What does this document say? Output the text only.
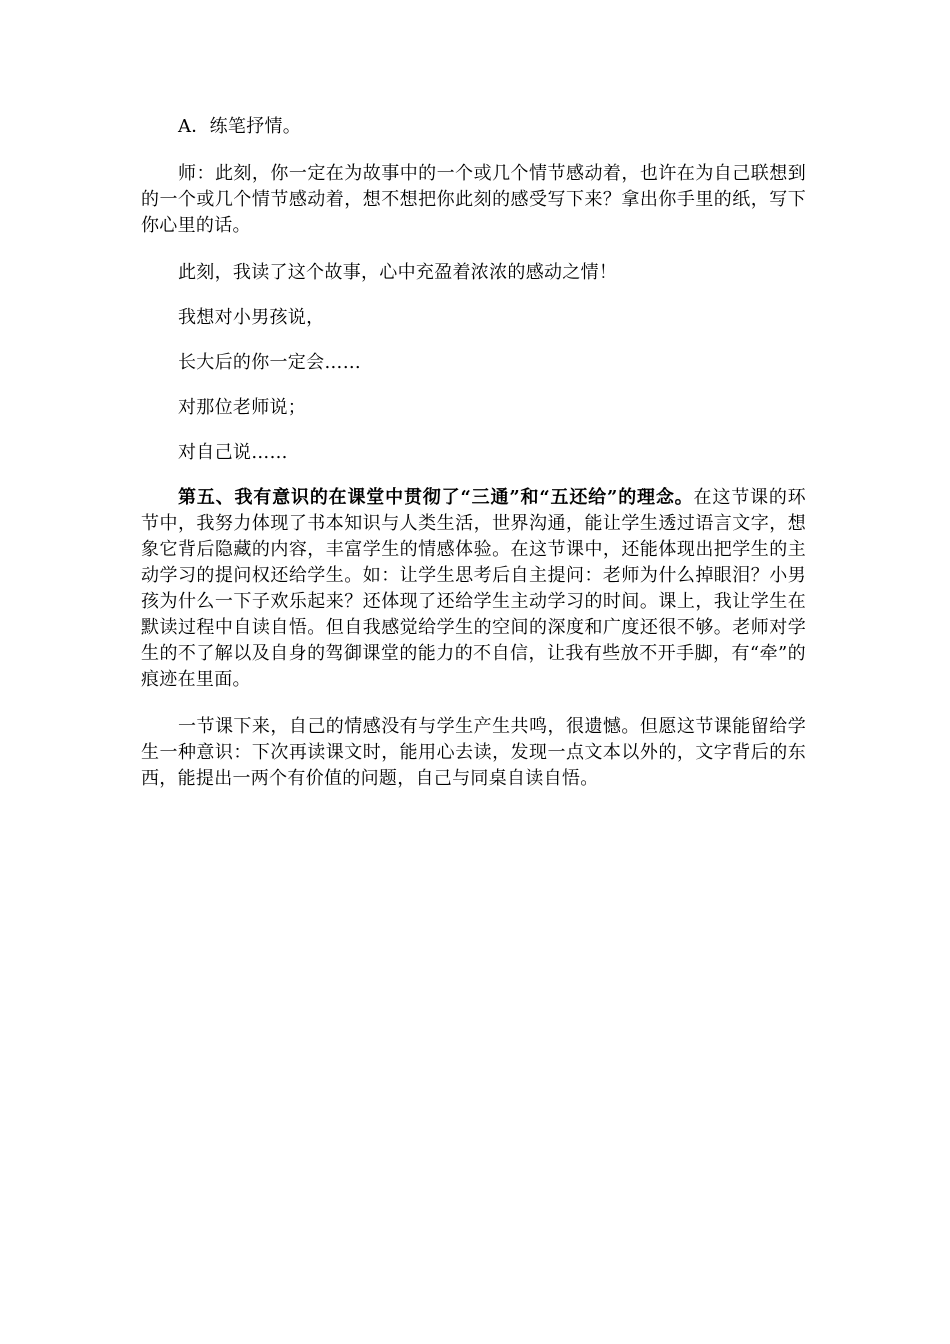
A．练笔抒情。

师：此刻，你一定在为故事中的一个或几个情节感动着，也许在为自己联想到的一个或几个情节感动着，想不想把你此刻的感受写下来？拿出你手里的纸，写下你心里的话。

此刻，我读了这个故事，心中充盈着浓浓的感动之情！

我想对小男孩说，

长大后的你一定会……

对那位老师说；

对自己说……

第五、我有意识的在课堂中贯彻了“三通”和“五还给”的理念。在这节课的环节中，我努力体现了书本知识与人类生活，世界沟通，能让学生透过语言文字，想象它背后隐藏的内容，丰富学生的情感体验。在这节课中，还能体现出把学生的主动学习的提问权还给学生。如：让学生思考后自主提问：老师为什么掉眼泪？小男孩为什么一下子欢乐起来？还体现了还给学生主动学习的时间。课上，我让学生在默读过程中自读自悟。但自我感觉给学生的空间的深度和广度还很不够。老师对学生的不了解以及自身的驾御课堂的能力的不自信，让我有些放不开手脚，有“牵”的痕迹在里面。

一节课下来，自己的情感没有与学生产生共鸣，很遗憾。但愿这节课能留给学生一种意识：下次再读课文时，能用心去读，发现一点文本以外的，文字背后的东西，能提出一两个有价值的问题，自己与同桌自读自悟。
